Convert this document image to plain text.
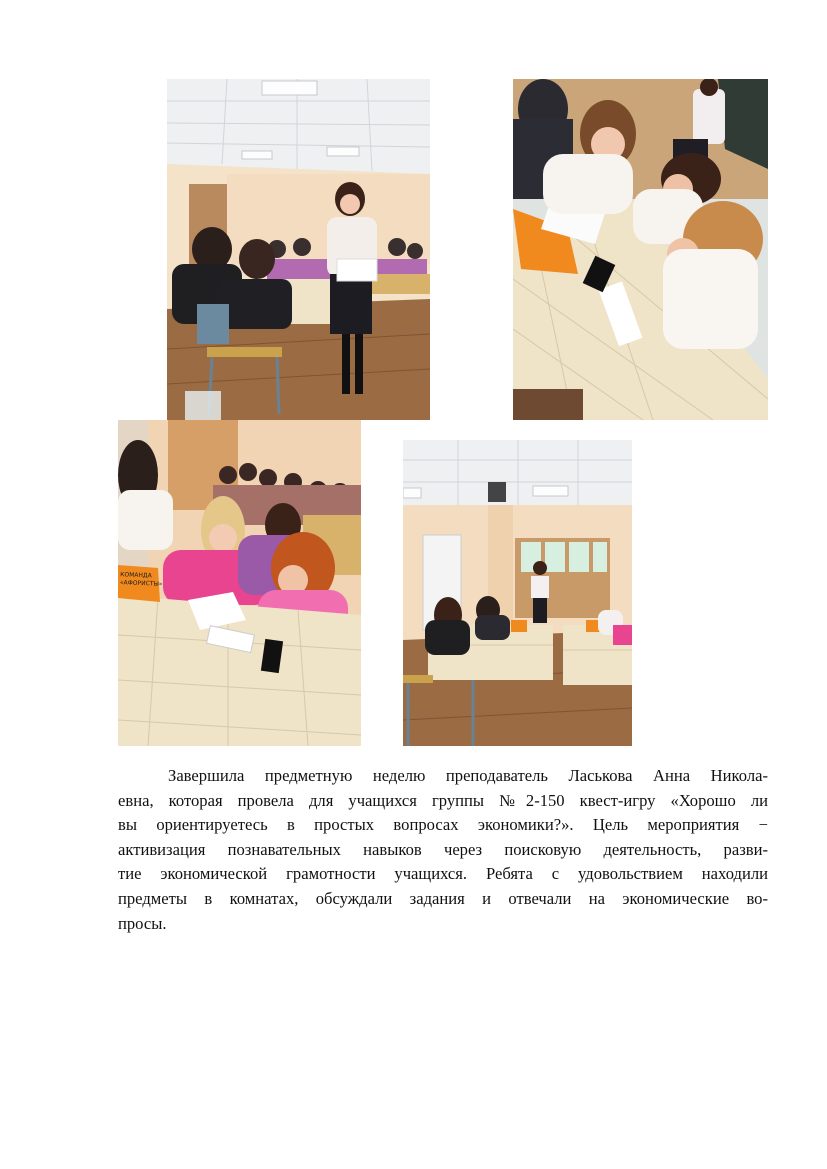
КОМАНДА «АФОРИСТЫ»
Завершила предметную неделю преподаватель Ласькова Анна Никола-
евна, которая провела для учащихся группы №2-150 квест-игру «Хорошо ли
вы ориентируетесь в простых вопросах экономики?». Цель мероприятия −
активизация познавательных навыков через поисковую деятельность, разви-
тие экономической грамотности учащихся. Ребята с удовольствием находили
предметы в комнатах, обсуждали задания и отвечали на экономические во-
просы.
